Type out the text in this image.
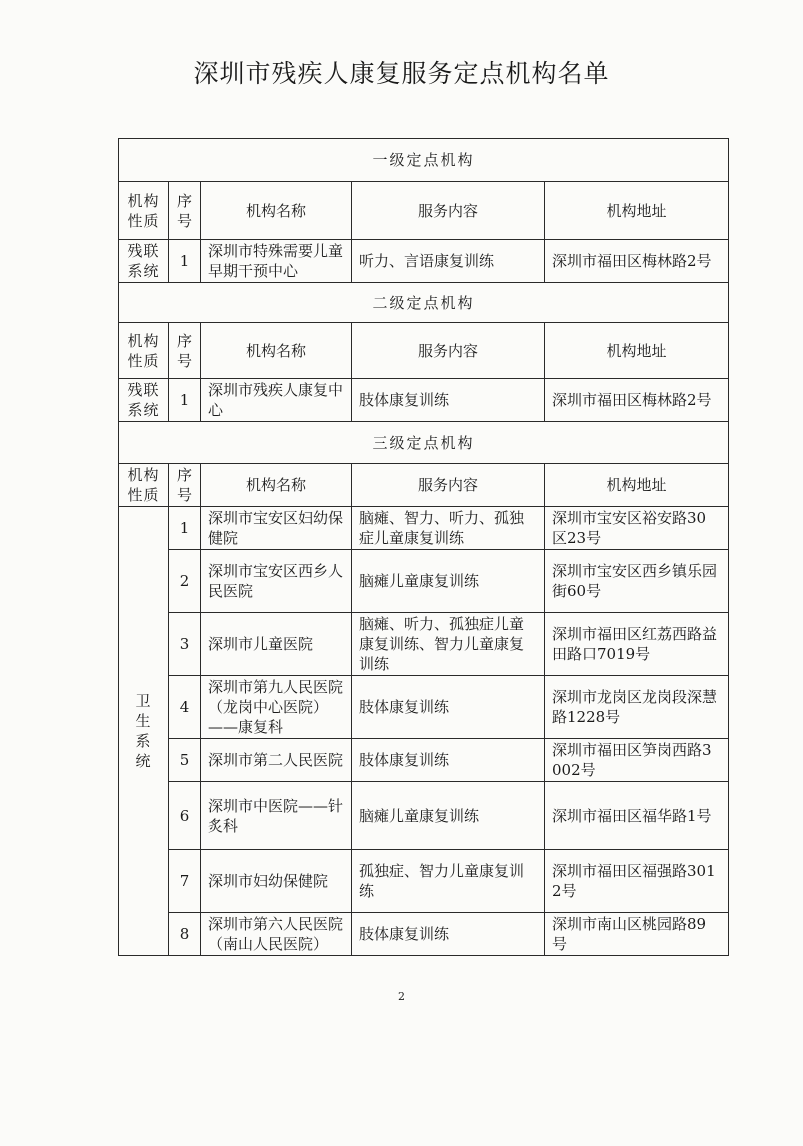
深圳市残疾人康复服务定点机构名单
一级定点机构				
机构性质	序号	机构名称	服务内容	机构地址
残联系统	1	深圳市特殊需要儿童早期干预中心	听力、言语康复训练	深圳市福田区梅林路2号
二级定点机构				
机构性质	序号	机构名称	服务内容	机构地址
残联系统	1	深圳市残疾人康复中心	肢体康复训练	深圳市福田区梅林路2号
三级定点机构				
机构性质	序号	机构名称	服务内容	机构地址
卫生系统	1	深圳市宝安区妇幼保健院	脑瘫、智力、听力、孤独症儿童康复训练	深圳市宝安区裕安路30区23号
	2	深圳市宝安区西乡人民医院	脑瘫儿童康复训练	深圳市宝安区西乡镇乐园街60号
	3	深圳市儿童医院	脑瘫、听力、孤独症儿童康复训练、智力儿童康复训练	深圳市福田区红荔西路益田路口7019号
	4	深圳市第九人民医院（龙岗中心医院）——康复科	肢体康复训练	深圳市龙岗区龙岗段深慧路1228号
	5	深圳市第二人民医院	肢体康复训练	深圳市福田区笋岗西路3002号
	6	深圳市中医院——针炙科	脑瘫儿童康复训练	深圳市福田区福华路1号
	7	深圳市妇幼保健院	孤独症、智力儿童康复训练	深圳市福田区福强路3012号
	8	深圳市第六人民医院（南山人民医院）	肢体康复训练	深圳市南山区桃园路89号
2
